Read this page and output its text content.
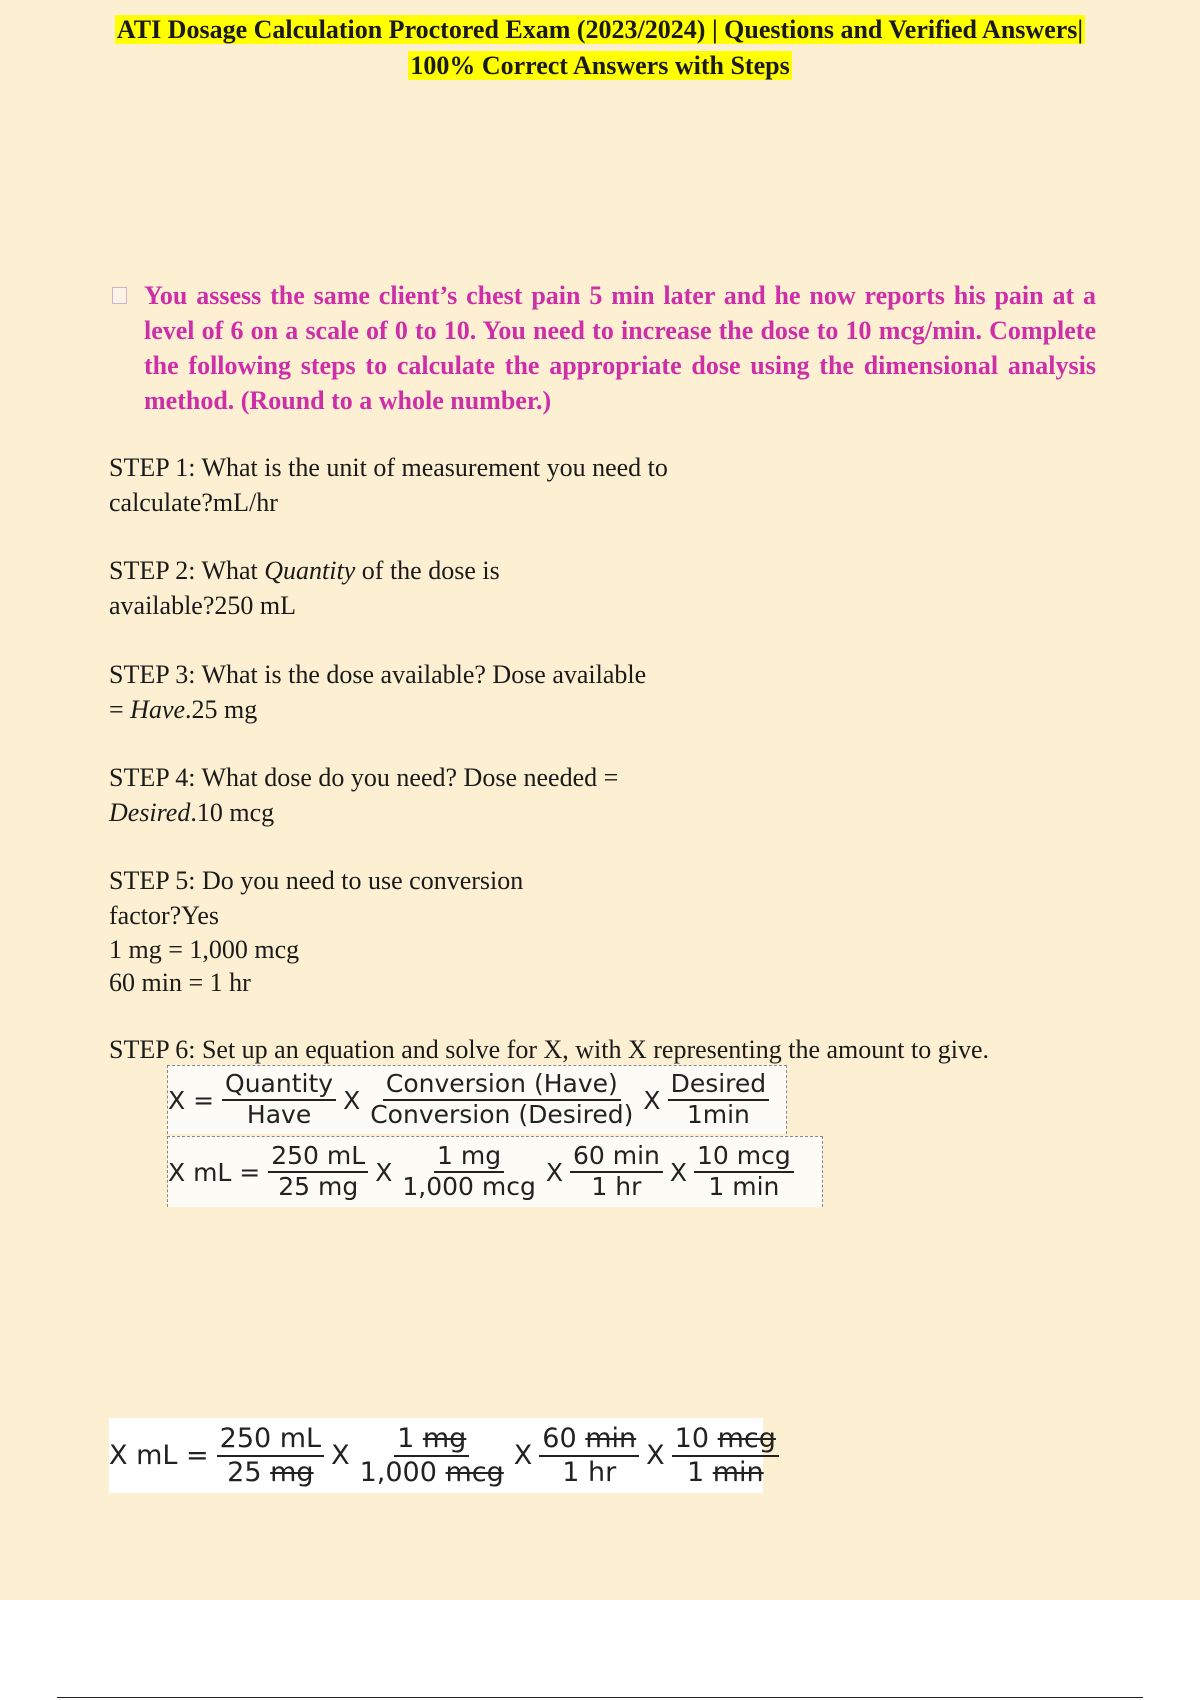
ATI Dosage Calculation Proctored Exam (2023/2024) | Questions and Verified Answers|
100% Correct Answers with Steps
You assess the same client’s chest pain 5 min later and he now reports his pain at a level of 6 on a scale of 0 to 10. You need to increase the dose to 10 mcg/min. Complete the following steps to calculate the appropriate dose using the dimensional analysis method. (Round to a whole number.)
STEP 1: What is the unit of measurement you need to
calculate?mL/hr
STEP 2: What Quantity of the dose is
available?250 mL
STEP 3: What is the dose available? Dose available
= Have.25 mg
STEP 4: What dose do you need? Dose needed =
Desired.10 mcg
STEP 5: Do you need to use conversion
factor?Yes
1 mg = 1,000 mcg
60 min = 1 hr
STEP 6: Set up an equation and solve for X, with X representing the amount to give.
$X = \frac{\text{Quantity}}{\text{Have}}$ X $\frac{\text{Conversion (Have)}}{\text{Conversion (Desired)}}$ X $\frac{\text{Desired}}{1\min}$
X mL = $\frac{250 mL}{25 mg}$ X $\frac{1 mg}{\text{1,000 mcg}}$ X $\frac{60 \min}{1 hr}$ X $\frac{\text{10 mcg}}{1 \min}$
X mL = $\frac{250 mL}{25 mg}$ X $\frac{1 mg}{\text{1,000 mcg}}$ X $\frac{60 \min}{1 hr}$ X $\frac{\text{10 mcg}}{1 \min}$
